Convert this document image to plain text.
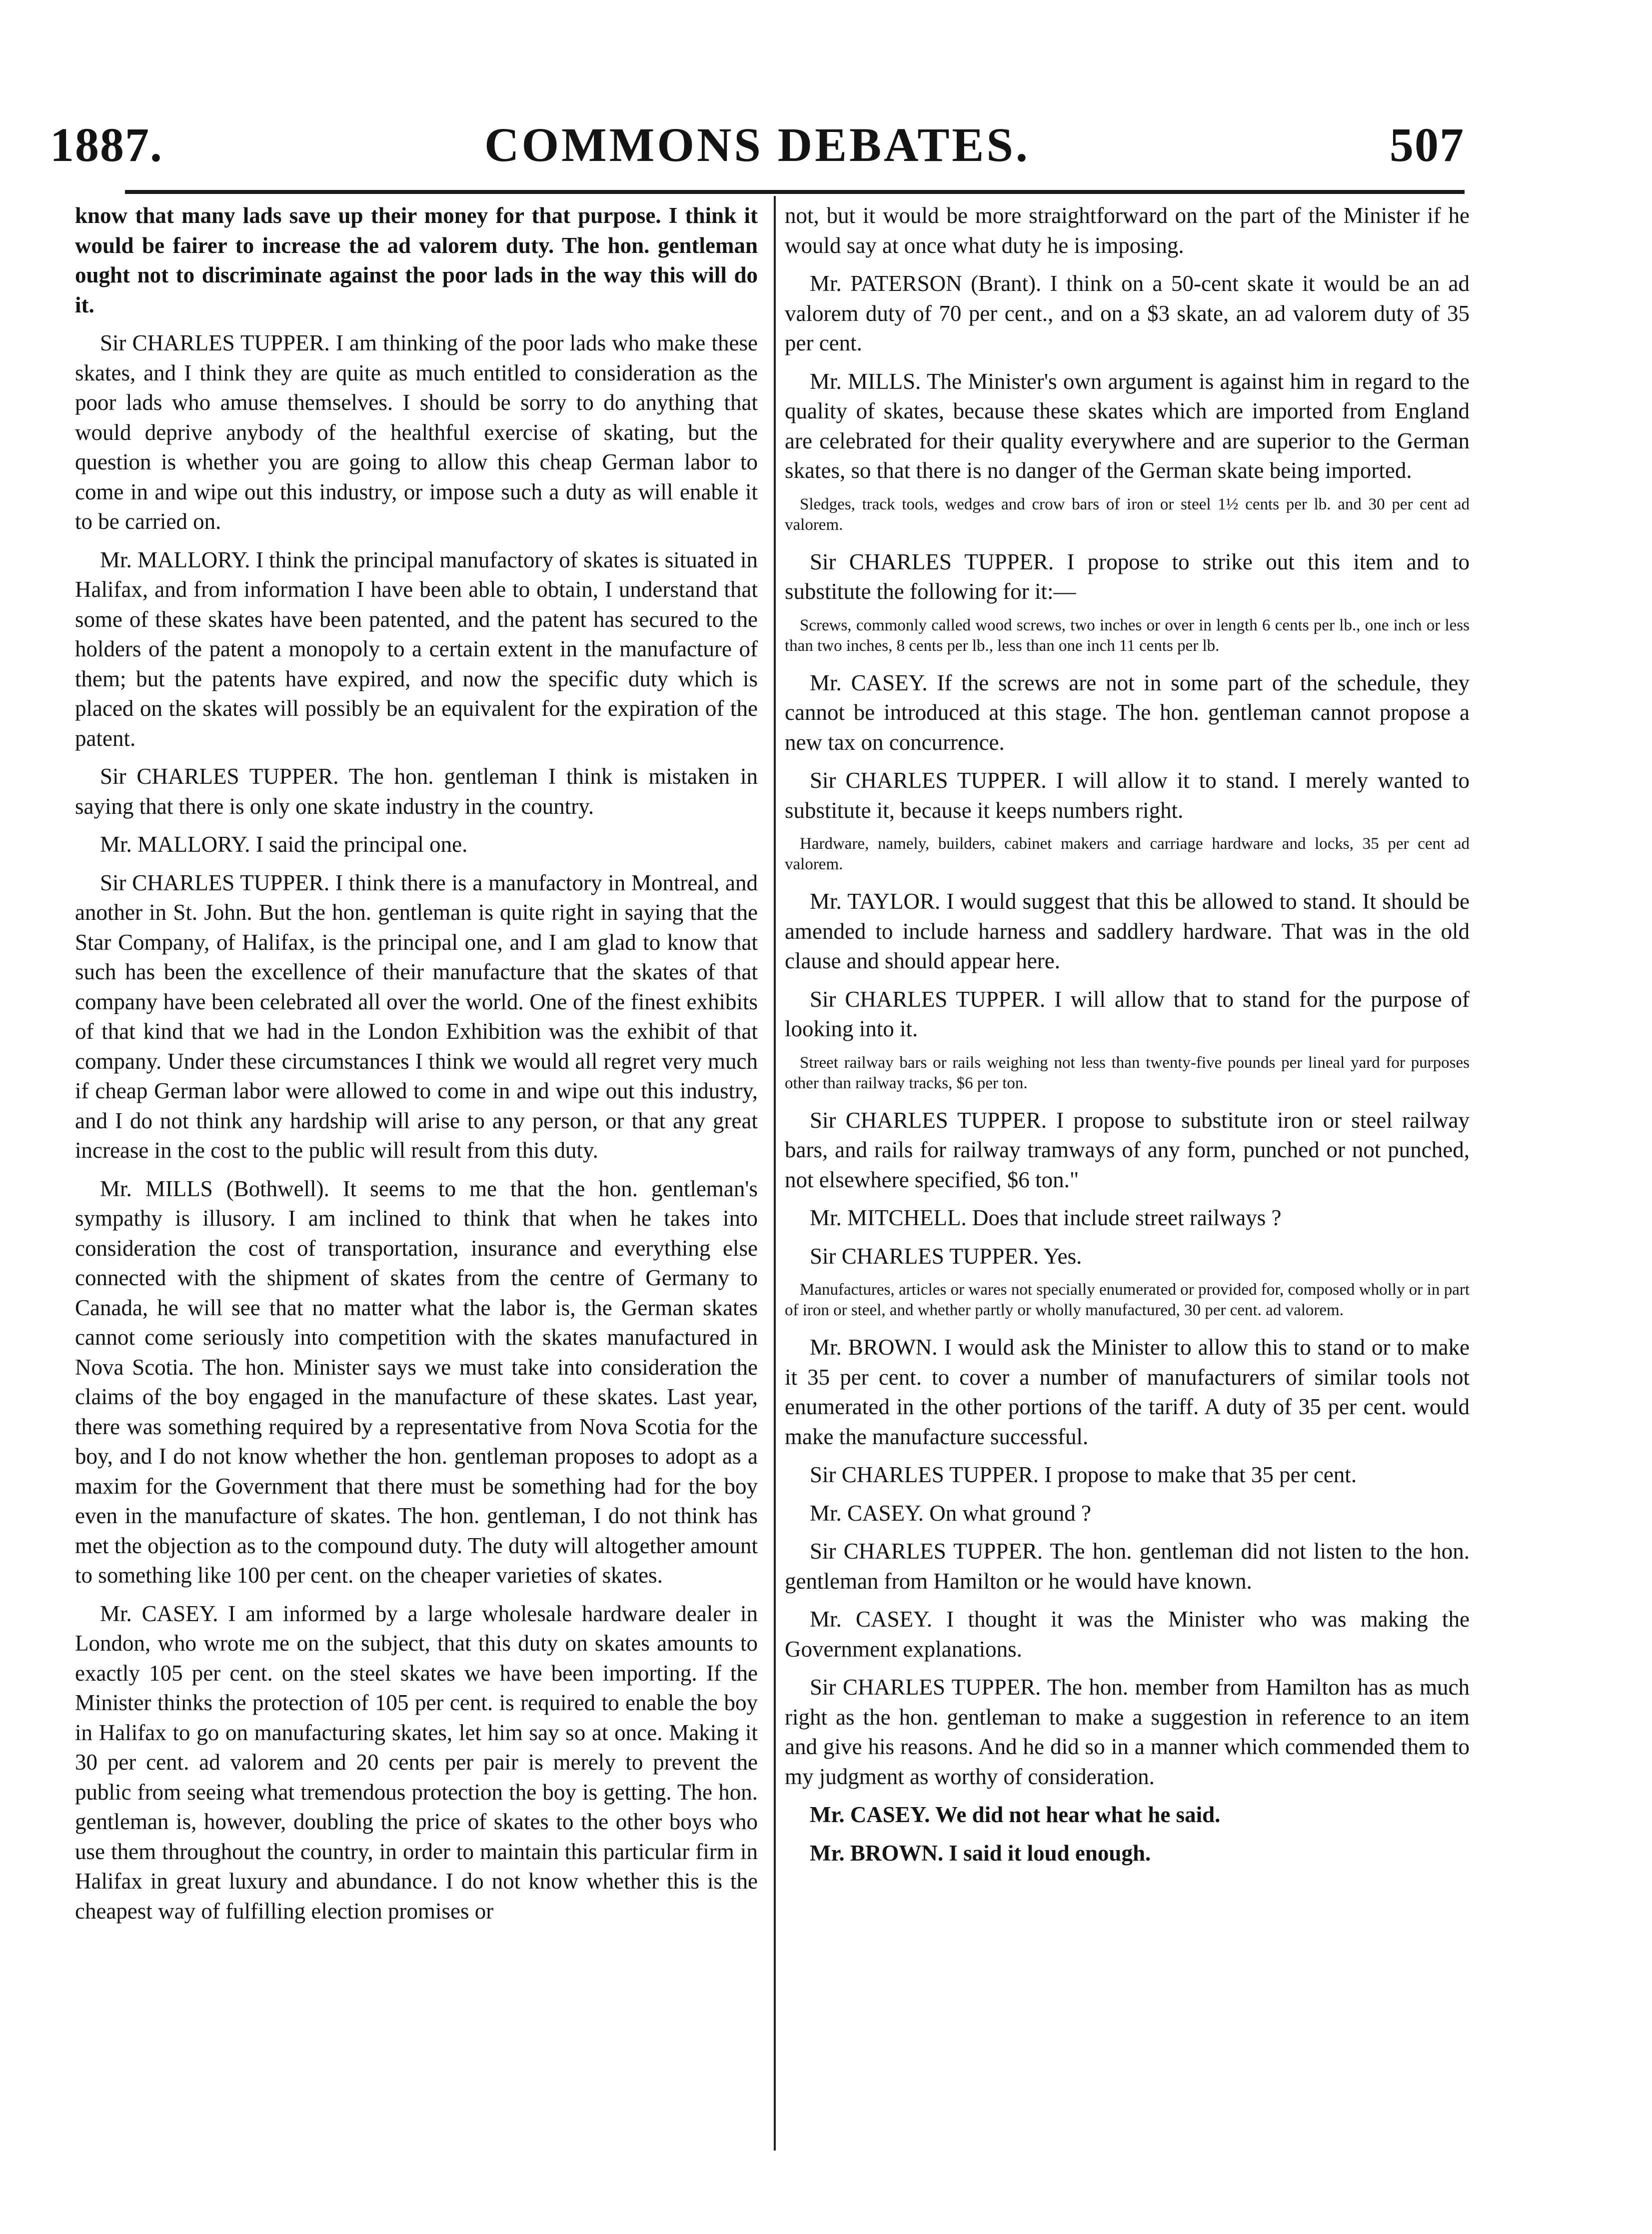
1887.	COMMONS DEBATES.	507

know that many lads save up their money for that purpose. I think it would be fairer to increase the ad valorem duty. The hon. gentleman ought not to discriminate against the poor lads in the way this will do it.

Sir CHARLES TUPPER. I am thinking of the poor lads who make these skates, and I think they are quite as much entitled to consideration as the poor lads who amuse themselves. I should be sorry to do anything that would deprive anybody of the healthful exercise of skating, but the question is whether you are going to allow this cheap German labor to come in and wipe out this industry, or impose such a duty as will enable it to be carried on.

Mr. MALLORY. I think the principal manufactory of skates is situated in Halifax, and from information I have been able to obtain, I understand that some of these skates have been patented, and the patent has secured to the holders of the patent a monopoly to a certain extent in the manufacture of them; but the patents have expired, and now the specific duty which is placed on the skates will possibly be an equivalent for the expiration of the patent.

Sir CHARLES TUPPER. The hon. gentleman I think is mistaken in saying that there is only one skate industry in the country.

Mr. MALLORY. I said the principal one.

Sir CHARLES TUPPER. I think there is a manufactory in Montreal, and another in St. John. But the hon. gentleman is quite right in saying that the Star Company, of Halifax, is the principal one, and I am glad to know that such has been the excellence of their manufacture that the skates of that company have been celebrated all over the world. One of the finest exhibits of that kind that we had in the London Exhibition was the exhibit of that company. Under these circumstances I think we would all regret very much if cheap German labor were allowed to come in and wipe out this industry, and I do not think any hardship will arise to any person, or that any great increase in the cost to the public will result from this duty.

Mr. MILLS (Bothwell). It seems to me that the hon. gentleman's sympathy is illusory. I am inclined to think that when he takes into consideration the cost of transportation, insurance and everything else connected with the shipment of skates from the centre of Germany to Canada, he will see that no matter what the labor is, the German skates cannot come seriously into competition with the skates manufactured in Nova Scotia. The hon. Minister says we must take into consideration the claims of the boy engaged in the manufacture of these skates. Last year, there was something required by a representative from Nova Scotia for the boy, and I do not know whether the hon. gentleman proposes to adopt as a maxim for the Government that there must be something had for the boy even in the manufacture of skates. The hon. gentleman, I do not think has met the objection as to the compound duty. The duty will altogether amount to something like 100 per cent. on the cheaper varieties of skates.

Mr. CASEY. I am informed by a large wholesale hardware dealer in London, who wrote me on the subject, that this duty on skates amounts to exactly 105 per cent. on the steel skates we have been importing. If the Minister thinks the protection of 105 per cent. is required to enable the boy in Halifax to go on manufacturing skates, let him say so at once. Making it 30 per cent. ad valorem and 20 cents per pair is merely to prevent the public from seeing what tremendous protection the boy is getting. The hon. gentleman is, however, doubling the price of skates to the other boys who use them throughout the country, in order to maintain this particular firm in Halifax in great luxury and abundance. I do not know whether this is the cheapest way of fulfilling election promises or

not, but it would be more straightforward on the part of the Minister if he would say at once what duty he is imposing.

Mr. PATERSON (Brant). I think on a 50-cent skate it would be an ad valorem duty of 70 per cent., and on a $3 skate, an ad valorem duty of 35 per cent.

Mr. MILLS. The Minister's own argument is against him in regard to the quality of skates, because these skates which are imported from England are celebrated for their quality everywhere and are superior to the German skates, so that there is no danger of the German skate being imported.

Sledges, track tools, wedges and crow bars of iron or steel 1½ cents per lb. and 30 per cent ad valorem.

Sir CHARLES TUPPER. I propose to strike out this item and to substitute the following for it:—

Screws, commonly called wood screws, two inches or over in length 6 cents per lb., one inch or less than two inches, 8 cents per lb., less than one inch 11 cents per lb.

Mr. CASEY. If the screws are not in some part of the schedule, they cannot be introduced at this stage. The hon. gentleman cannot propose a new tax on concurrence.

Sir CHARLES TUPPER. I will allow it to stand. I merely wanted to substitute it, because it keeps numbers right.

Hardware, namely, builders, cabinet makers and carriage hardware and locks, 35 per cent ad valorem.

Mr. TAYLOR. I would suggest that this be allowed to stand. It should be amended to include harness and saddlery hardware. That was in the old clause and should appear here.

Sir CHARLES TUPPER. I will allow that to stand for the purpose of looking into it.

Street railway bars or rails weighing not less than twenty-five pounds per lineal yard for purposes other than railway tracks, $6 per ton.

Sir CHARLES TUPPER. I propose to substitute iron or steel railway bars, and rails for railway tramways of any form, punched or not punched, not elsewhere specified, $6 ton."

Mr. MITCHELL. Does that include street railways ?

Sir CHARLES TUPPER. Yes.

Manufactures, articles or wares not specially enumerated or provided for, composed wholly or in part of iron or steel, and whether partly or wholly manufactured, 30 per cent. ad valorem.

Mr. BROWN. I would ask the Minister to allow this to stand or to make it 35 per cent. to cover a number of manufacturers of similar tools not enumerated in the other portions of the tariff. A duty of 35 per cent. would make the manufacture successful.

Sir CHARLES TUPPER. I propose to make that 35 per cent.

Mr. CASEY. On what ground ?

Sir CHARLES TUPPER. The hon. gentleman did not listen to the hon. gentleman from Hamilton or he would have known.

Mr. CASEY. I thought it was the Minister who was making the Government explanations.

Sir CHARLES TUPPER. The hon. member from Hamilton has as much right as the hon. gentleman to make a suggestion in reference to an item and give his reasons. And he did so in a manner which commended them to my judgment as worthy of consideration.

Mr. CASEY. We did not hear what he said.

Mr. BROWN. I said it loud enough.
